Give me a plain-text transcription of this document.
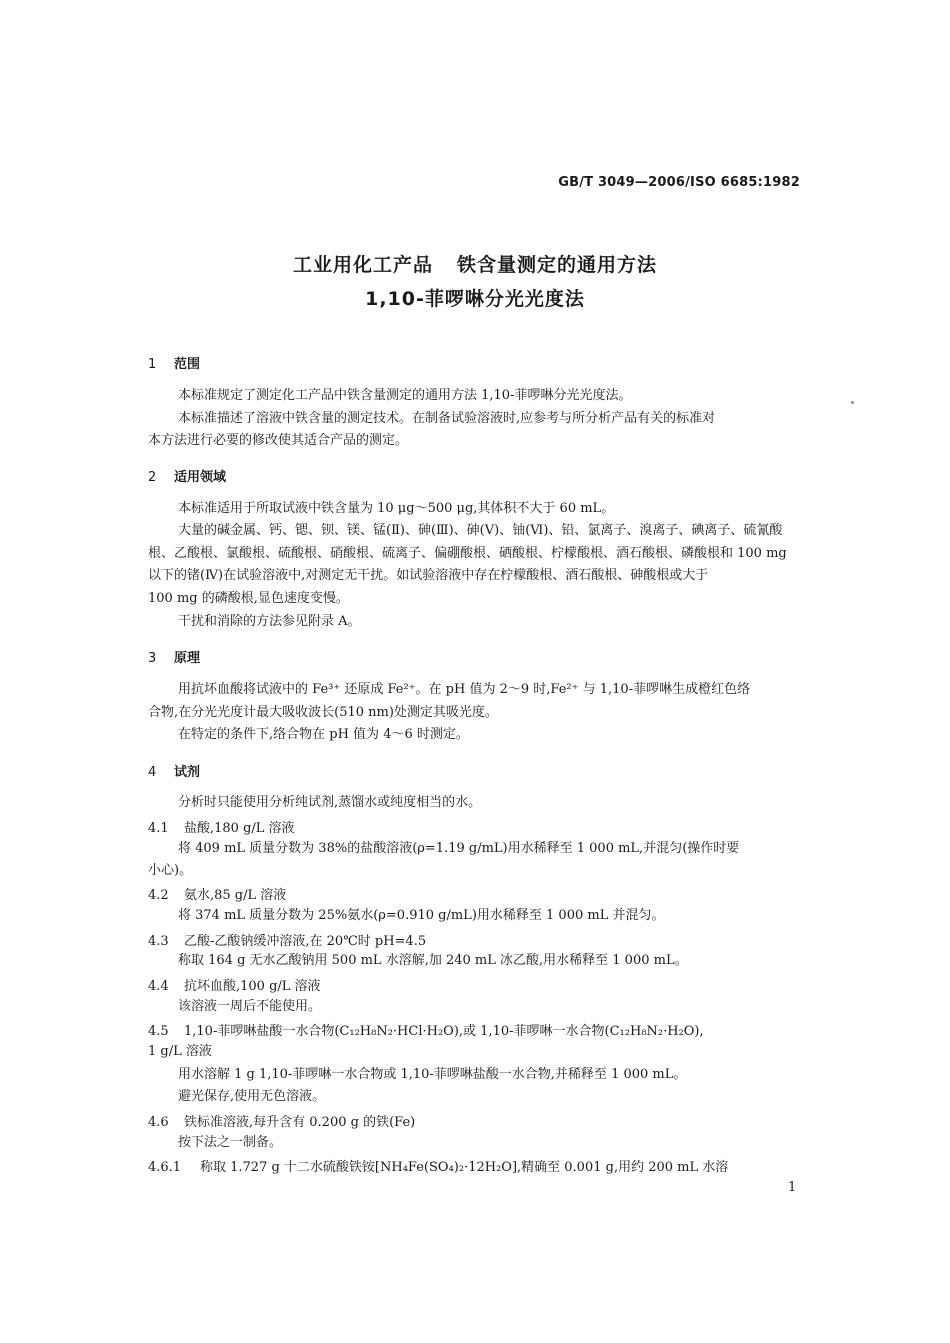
GB/T 3049—2006/ISO 6685:1982
工业用化工产品 铁含量测定的通用方法
1,10-菲啰啉分光光度法
1 范围
本标准规定了测定化工产品中铁含量测定的通用方法 1,10-菲啰啉分光光度法。
本标准描述了溶液中铁含量的测定技术。在制备试验溶液时,应参考与所分析产品有关的标准对
本方法进行必要的修改使其适合产品的测定。
2 适用领域
本标准适用于所取试液中铁含量为 10 μg～500 μg,其体积不大于 60 mL。
大量的碱金属、钙、锶、钡、镁、锰(Ⅱ)、砷(Ⅲ)、砷(Ⅴ)、铀(Ⅵ)、铅、氯离子、溴离子、碘离子、硫氰酸
根、乙酸根、氯酸根、硫酸根、硝酸根、硫离子、偏硼酸根、硒酸根、柠檬酸根、酒石酸根、磷酸根和 100 mg
以下的锗(Ⅳ)在试验溶液中,对测定无干扰。如试验溶液中存在柠檬酸根、酒石酸根、砷酸根或大于
100 mg 的磷酸根,显色速度变慢。
干扰和消除的方法参见附录 A。
3 原理
用抗坏血酸将试液中的 Fe³⁺ 还原成 Fe²⁺。在 pH 值为 2～9 时,Fe²⁺ 与 1,10-菲啰啉生成橙红色络
合物,在分光光度计最大吸收波长(510 nm)处测定其吸光度。
在特定的条件下,络合物在 pH 值为 4～6 时测定。
4 试剂
分析时只能使用分析纯试剂,蒸馏水或纯度相当的水。
4.1 盐酸,180 g/L 溶液
将 409 mL 质量分数为 38%的盐酸溶液(ρ=1.19 g/mL)用水稀释至 1 000 mL,并混匀(操作时要
小心)。
4.2 氨水,85 g/L 溶液
将 374 mL 质量分数为 25%氨水(ρ=0.910 g/mL)用水稀释至 1 000 mL 并混匀。
4.3 乙酸-乙酸钠缓冲溶液,在 20℃时 pH=4.5
称取 164 g 无水乙酸钠用 500 mL 水溶解,加 240 mL 冰乙酸,用水稀释至 1 000 mL。
4.4 抗坏血酸,100 g/L 溶液
该溶液一周后不能使用。
4.5 1,10-菲啰啉盐酸一水合物(C₁₂H₈N₂·HCl·H₂O),或 1,10-菲啰啉一水合物(C₁₂H₈N₂·H₂O),
1 g/L 溶液
用水溶解 1 g 1,10-菲啰啉一水合物或 1,10-菲啰啉盐酸一水合物,并稀释至 1 000 mL。
避光保存,使用无色溶液。
4.6 铁标准溶液,每升含有 0.200 g 的铁(Fe)
按下法之一制备。
4.6.1 称取 1.727 g 十二水硫酸铁铵[NH₄Fe(SO₄)₂·12H₂O],精确至 0.001 g,用约 200 mL 水溶
1
